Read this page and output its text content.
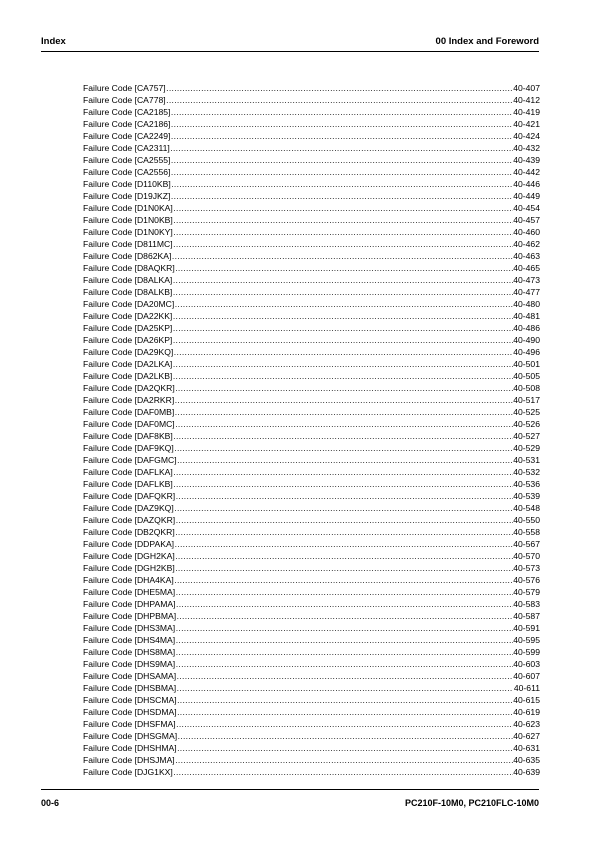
Index	00 Index and Foreword
Failure Code [CA757] .....	40-407
Failure Code [CA778] .....	40-412
Failure Code [CA2185] .....	40-419
Failure Code [CA2186] .....	40-421
Failure Code [CA2249] .....	40-424
Failure Code [CA2311] .....	40-432
Failure Code [CA2555] .....	40-439
Failure Code [CA2556] .....	40-442
Failure Code [D110KB] .....	40-446
Failure Code [D19JKZ] .....	40-449
Failure Code [D1N0KA] .....	40-454
Failure Code [D1N0KB] .....	40-457
Failure Code [D1N0KY] .....	40-460
Failure Code [D811MC] .....	40-462
Failure Code [D862KA] .....	40-463
Failure Code [D8AQKR] .....	40-465
Failure Code [D8ALKA] .....	40-473
Failure Code [D8ALKB] .....	40-477
Failure Code [DA20MC] .....	40-480
Failure Code [DA22KK] .....	40-481
Failure Code [DA25KP] .....	40-486
Failure Code [DA26KP] .....	40-490
Failure Code [DA29KQ] .....	40-496
Failure Code [DA2LKA] .....	40-501
Failure Code [DA2LKB] .....	40-505
Failure Code [DA2QKR] .....	40-508
Failure Code [DA2RKR] .....	40-517
Failure Code [DAF0MB] .....	40-525
Failure Code [DAF0MC] .....	40-526
Failure Code [DAF8KB] .....	40-527
Failure Code [DAF9KQ] .....	40-529
Failure Code [DAFGMC] .....	40-531
Failure Code [DAFLKA] .....	40-532
Failure Code [DAFLKB] .....	40-536
Failure Code [DAFQKR] .....	40-539
Failure Code [DAZ9KQ] .....	40-548
Failure Code [DAZQKR] .....	40-550
Failure Code [DB2QKR] .....	40-558
Failure Code [DDPAKA] .....	40-567
Failure Code [DGH2KA] .....	40-570
Failure Code [DGH2KB] .....	40-573
Failure Code [DHA4KA] .....	40-576
Failure Code [DHE5MA] .....	40-579
Failure Code [DHPAMA] .....	40-583
Failure Code [DHPBMA] .....	40-587
Failure Code [DHS3MA] .....	40-591
Failure Code [DHS4MA] .....	40-595
Failure Code [DHS8MA] .....	40-599
Failure Code [DHS9MA] .....	40-603
Failure Code [DHSAMA] .....	40-607
Failure Code [DHSBMA] .....	40-611
Failure Code [DHSCMA] .....	40-615
Failure Code [DHSDMA] .....	40-619
Failure Code [DHSFMA] .....	40-623
Failure Code [DHSGMA] .....	40-627
Failure Code [DHSHMA] .....	40-631
Failure Code [DHSJMA] .....	40-635
Failure Code [DJG1KX] .....	40-639
00-6	PC210F-10M0, PC210FLC-10M0
